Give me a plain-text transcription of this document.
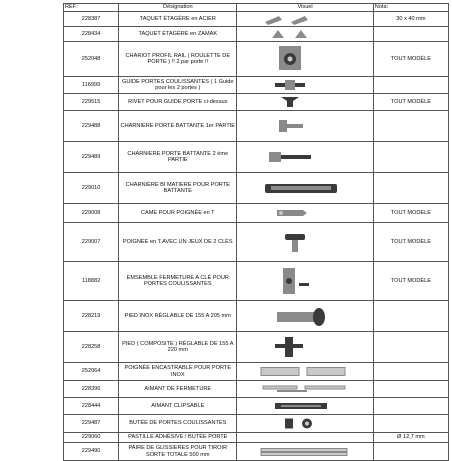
REF:	Désignation	Visuel	Nota:
228387	TAQUET ÉTAGÈRE en ACIER		30 x 40 mm
228434	TAQUET ÉTAGÈRE en ZAMAK	

252048	CHARIOT PROFIL RAIL ( ROULETTE DE PORTE ) !! 2 par porte !!		TOUT MODÈLE
116999	GUIDE PORTES COULISSANTES ( 1 Guide pour les 2 portes )	

229515	RIVET POUR GUIDE PORTE ci-dessus		TOUT MODÈLE
229488	CHARNIERE PORTE BATTANTE 1er PARTIE	

229489	CHARNIERE PORTE BATTANTE 2 éme PARTIE	

229010	CHARNIÈRE BI MATIERE POUR PORTE BATTANTE	

229008	CAME POUR POIGNÉE en T		TOUT MODÈLE
229007	POIGNÉE en T AVEC UN JEUX DE 2 CLÉS		TOUT MODÈLE
118882	EMSEMBLE FERMETURE A CLÉ POUR PORTES COULISSANTES		TOUT MODÈLE
228219	PIED INOX RÉGLABLE DE 155 A 205 mm	

228258	PIED ( COMPOSITE ) RÉGLABLE DE 155 A 220 mm	

252064	POIGNÉE ENCASTRABLE POUR PORTE INOX	

228396	AIMANT DE FERMETURE	

228444	AIMANT CLIPSABLE	

229487	BUTÉE DE PORTES COULISSANTES	

229060	PASTILLE ADHÉSIVE / BUTÉE PORTE		Ø 12,7 mm
229490	PAIRE DE GLISSIERES POUR TIROIR SORTE TOTALE 500 mm	
